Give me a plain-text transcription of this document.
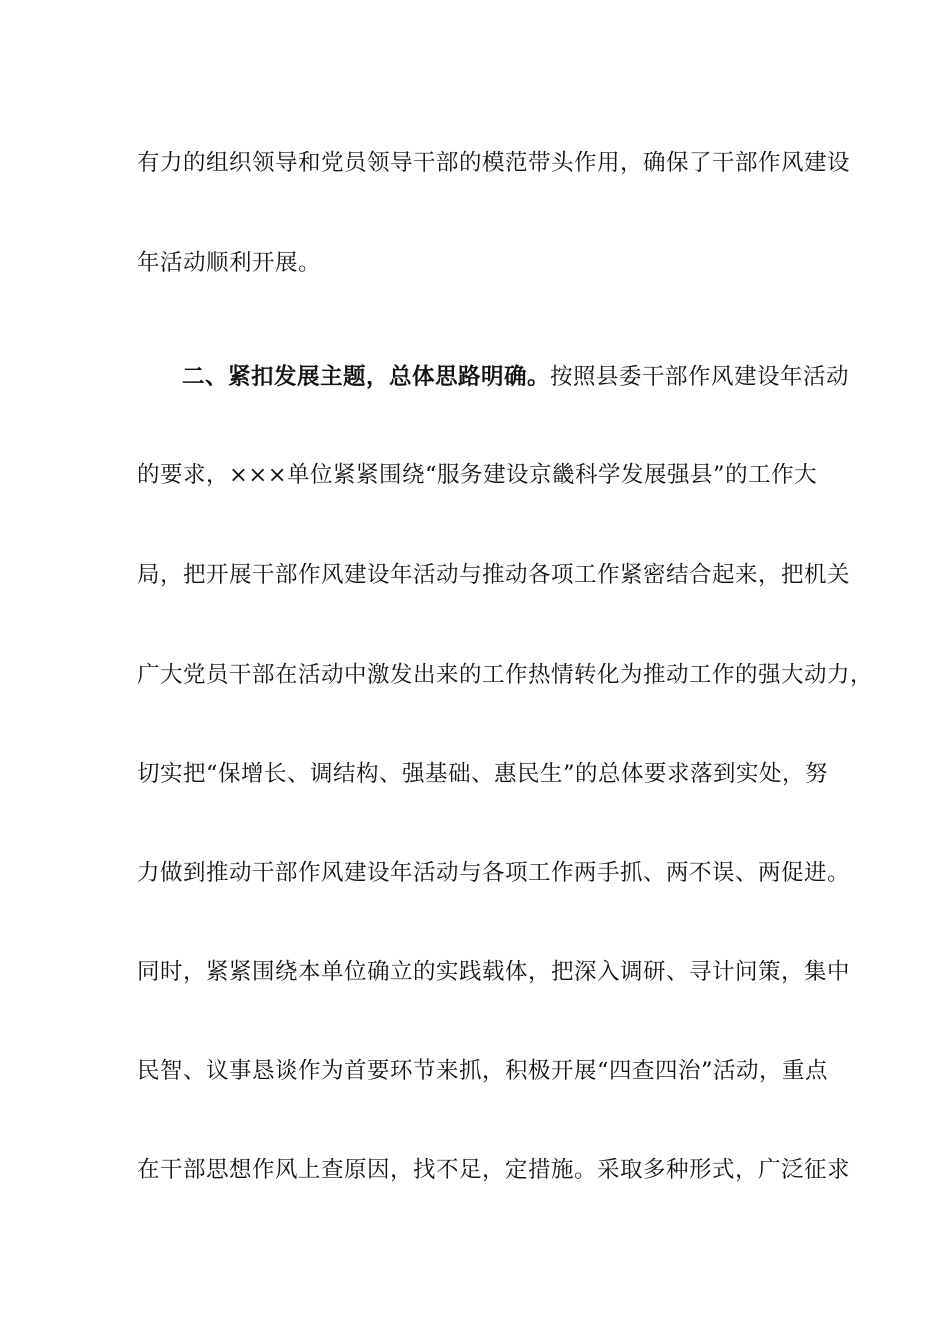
有力的组织领导和党员领导干部的模范带头作用，确保了干部作风建设
年活动顺利开展。
二、紧扣发展主题，总体思路明确。按照县委干部作风建设年活动
的要求，×××单位紧紧围绕“服务建设京畿科学发展强县”的工作大
局，把开展干部作风建设年活动与推动各项工作紧密结合起来，把机关
广大党员干部在活动中激发出来的工作热情转化为推动工作的强大动力，
切实把“保增长、调结构、强基础、惠民生”的总体要求落到实处，努
力做到推动干部作风建设年活动与各项工作两手抓、两不误、两促进。
同时，紧紧围绕本单位确立的实践载体，把深入调研、寻计问策，集中
民智、议事恳谈作为首要环节来抓，积极开展“四查四治”活动，重点
在干部思想作风上查原因，找不足，定措施。采取多种形式，广泛征求
